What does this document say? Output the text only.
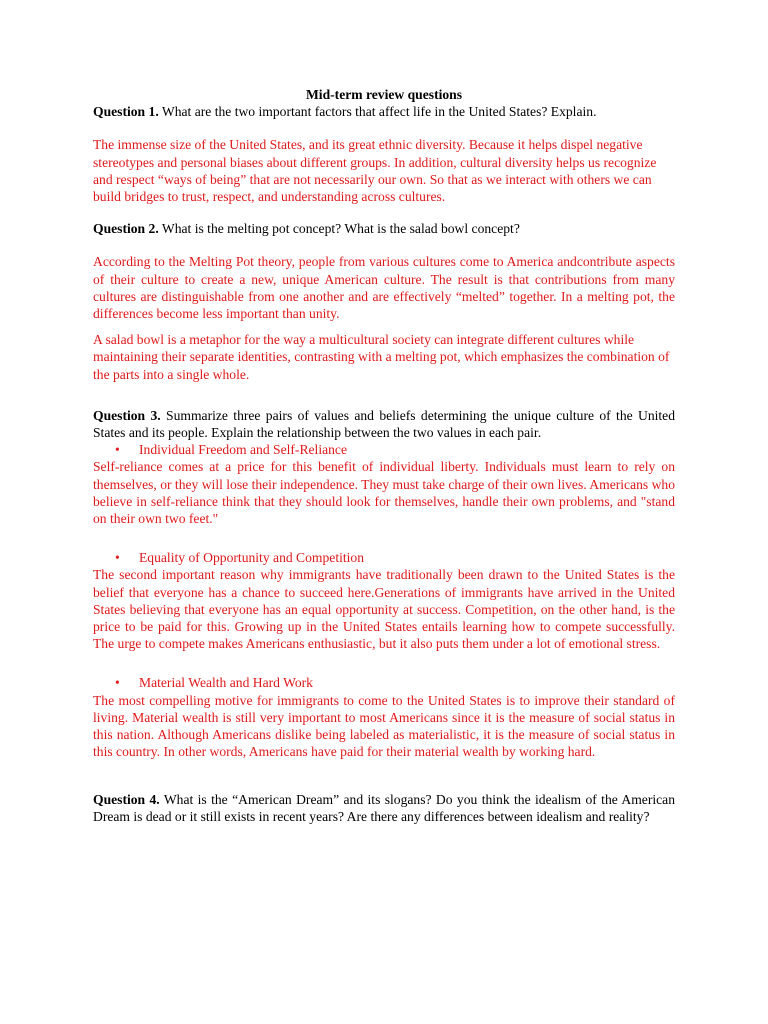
Mid-term review questions

Question 1. What are the two important factors that affect life in the United States? Explain.

The immense size of the United States, and its great ethnic diversity. Because it helps dispel negative stereotypes and personal biases about different groups. In addition, cultural diversity helps us recognize and respect “ways of being” that are not necessarily our own. So that as we interact with others we can build bridges to trust, respect, and understanding across cultures.

Question 2. What is the melting pot concept? What is the salad bowl concept?

According to the Melting Pot theory, people from various cultures come to America andcontribute aspects of their culture to create a new, unique American culture. The result is that contributions from many cultures are distinguishable from one another and are effectively “melted” together. In a melting pot, the differences become less important than unity.

A salad bowl is a metaphor for the way a multicultural society can integrate different cultures while maintaining their separate identities, contrasting with a melting pot, which emphasizes the combination of the parts into a single whole.

Question 3. Summarize three pairs of values and beliefs determining the unique culture of the United States and its people. Explain the relationship between the two values in each pair.

• Individual Freedom and Self-Reliance

Self-reliance comes at a price for this benefit of individual liberty. Individuals must learn to rely on themselves, or they will lose their independence. They must take charge of their own lives. Americans who believe in self-reliance think that they should look for themselves, handle their own problems, and "stand on their own two feet."

• Equality of Opportunity and Competition

The second important reason why immigrants have traditionally been drawn to the United States is the belief that everyone has a chance to succeed here.Generations of immigrants have arrived in the United States believing that everyone has an equal opportunity at success. Competition, on the other hand, is the price to be paid for this. Growing up in the United States entails learning how to compete successfully. The urge to compete makes Americans enthusiastic, but it also puts them under a lot of emotional stress.

• Material Wealth and Hard Work

The most compelling motive for immigrants to come to the United States is to improve their standard of living. Material wealth is still very important to most Americans since it is the measure of social status in this nation. Although Americans dislike being labeled as materialistic, it is the measure of social status in this country. In other words, Americans have paid for their material wealth by working hard.

Question 4. What is the “American Dream” and its slogans? Do you think the idealism of the American Dream is dead or it still exists in recent years? Are there any differences between idealism and reality?
